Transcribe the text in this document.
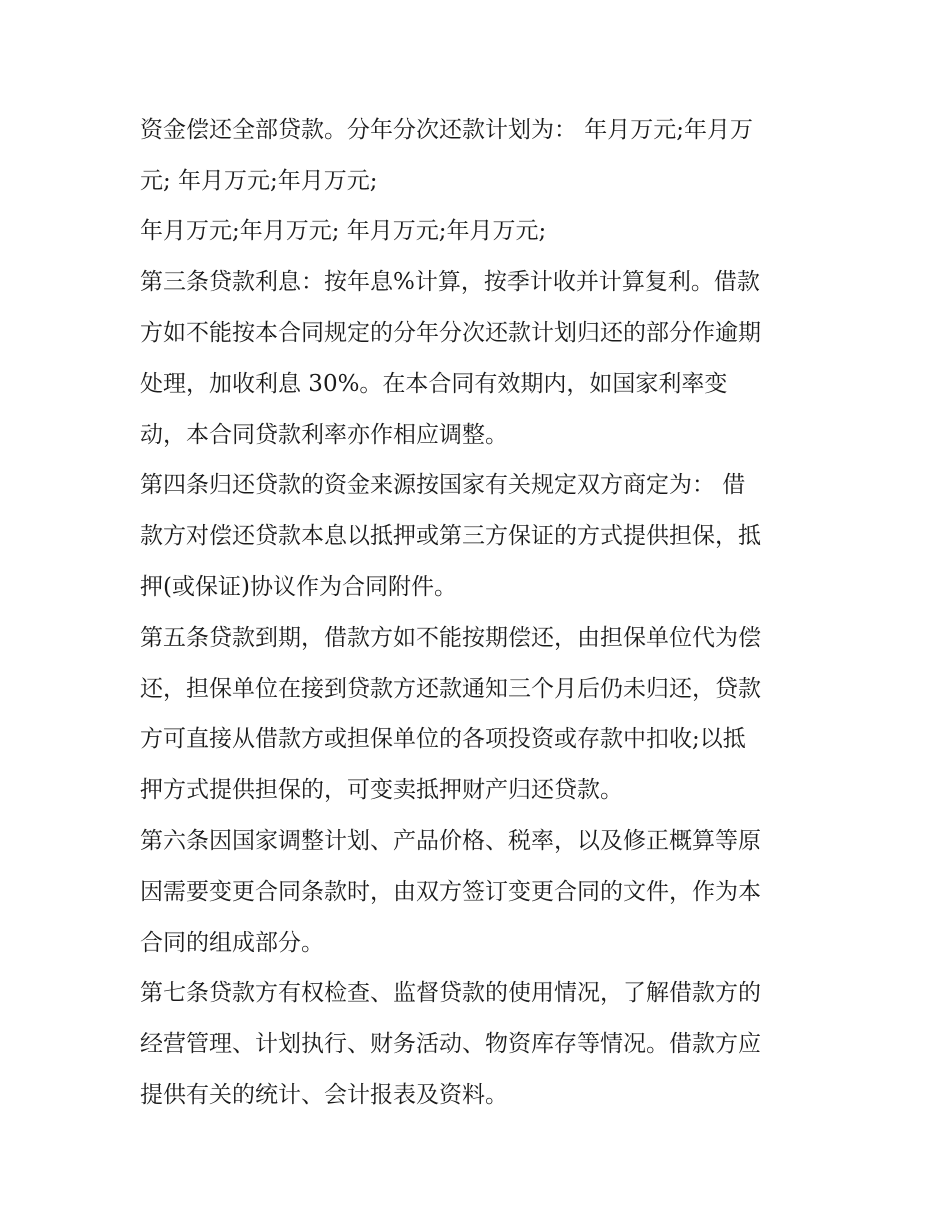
资金偿还全部贷款。分年分次还款计划为： 年月万元;年月万

元; 年月万元;年月万元;

年月万元;年月万元; 年月万元;年月万元;

第三条贷款利息：按年息%计算，按季计收并计算复利。借款

方如不能按本合同规定的分年分次还款计划归还的部分作逾期

处理，加收利息 30%。在本合同有效期内，如国家利率变

动，本合同贷款利率亦作相应调整。

第四条归还贷款的资金来源按国家有关规定双方商定为： 借

款方对偿还贷款本息以抵押或第三方保证的方式提供担保，抵

押(或保证)协议作为合同附件。

第五条贷款到期，借款方如不能按期偿还，由担保单位代为偿

还，担保单位在接到贷款方还款通知三个月后仍未归还，贷款

方可直接从借款方或担保单位的各项投资或存款中扣收;以抵

押方式提供担保的，可变卖抵押财产归还贷款。

第六条因国家调整计划、产品价格、税率，以及修正概算等原

因需要变更合同条款时，由双方签订变更合同的文件，作为本

合同的组成部分。

第七条贷款方有权检查、监督贷款的使用情况，了解借款方的

经营管理、计划执行、财务活动、物资库存等情况。借款方应

提供有关的统计、会计报表及资料。
